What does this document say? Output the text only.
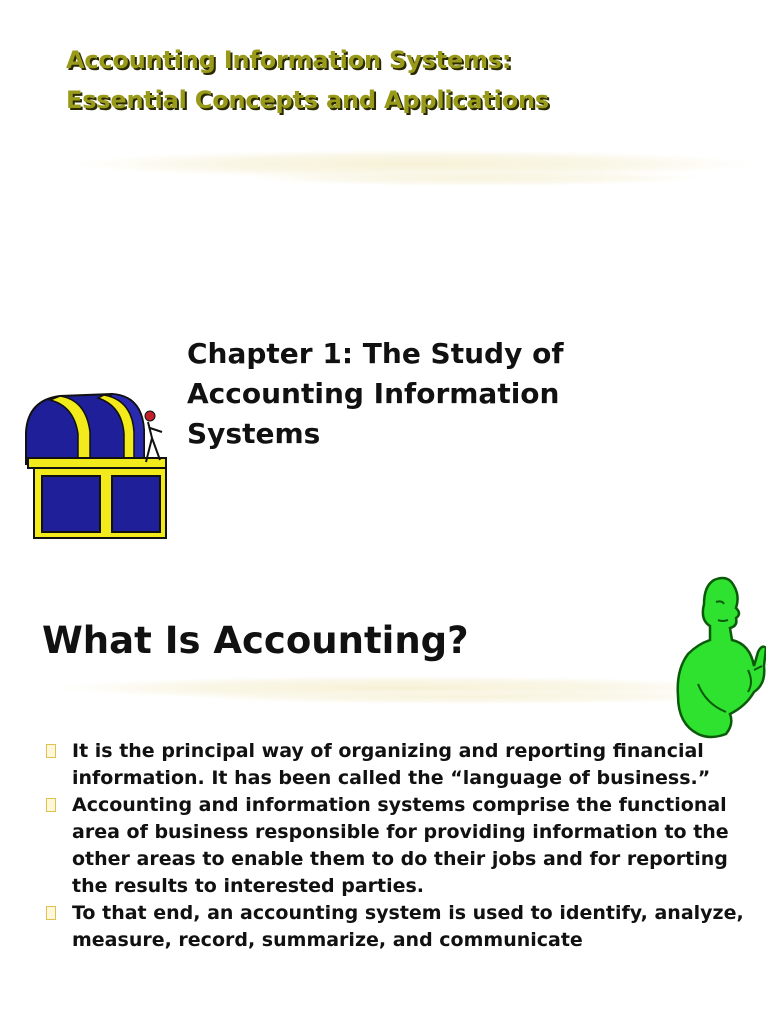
Accounting Information Systems:
Essential Concepts and Applications
Chapter 1: The Study of
Accounting Information
Systems
What Is Accounting?
It is the principal way of organizing and reporting financial information. It has been called the “language of business.”
Accounting and information systems comprise the functional area of business responsible for providing information to the other areas to enable them to do their jobs and for reporting the results to interested parties.
To that end, an accounting system is used to identify, analyze, measure, record, summarize, and communicate
